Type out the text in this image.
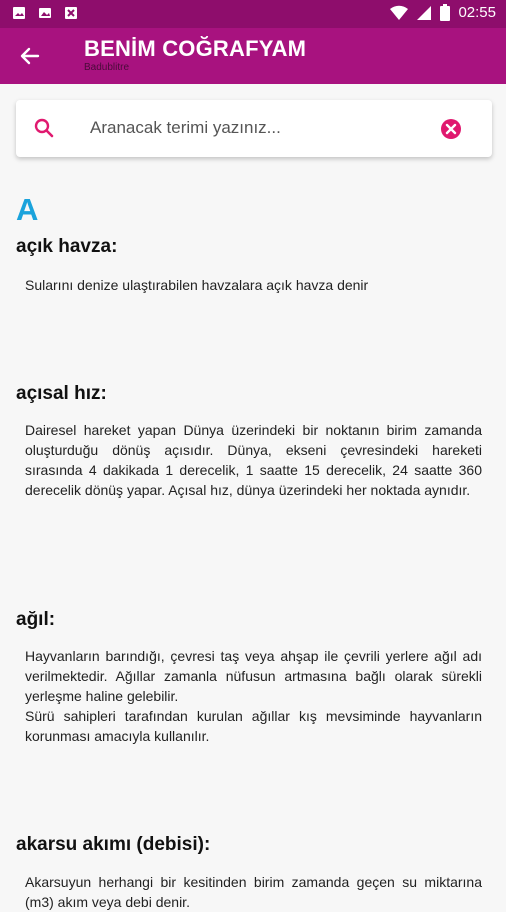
02:55
BENİM COĞRAFYAM
Badublitre
Aranacak terimi yazınız...
A
açık havza:
Sularını denize ulaştırabilen havzalara açık havza denir
açısal hız:
Dairesel hareket yapan Dünya üzerindeki bir noktanın birim zamanda oluşturduğu dönüş açısıdır. Dünya, ekseni çevresindeki hareketi sırasında 4 dakikada 1 derecelik, 1 saatte 15 derecelik, 24 saatte 360 derecelik dönüş yapar. Açısal hız, dünya üzerindeki her noktada aynıdır.
ağıl:
Hayvanların barındığı, çevresi taş veya ahşap ile çevrili yerlere ağıl adı verilmektedir. Ağıllar zamanla nüfusun artmasına bağlı olarak sürekli yerleşme haline gelebilir.
Sürü sahipleri tarafından kurulan ağıllar kış mevsiminde hayvanların korunması amacıyla kullanılır.
akarsu akımı (debisi):
Akarsuyun herhangi bir kesitinden birim zamanda geçen su miktarına (m3) akım veya debi denir.
